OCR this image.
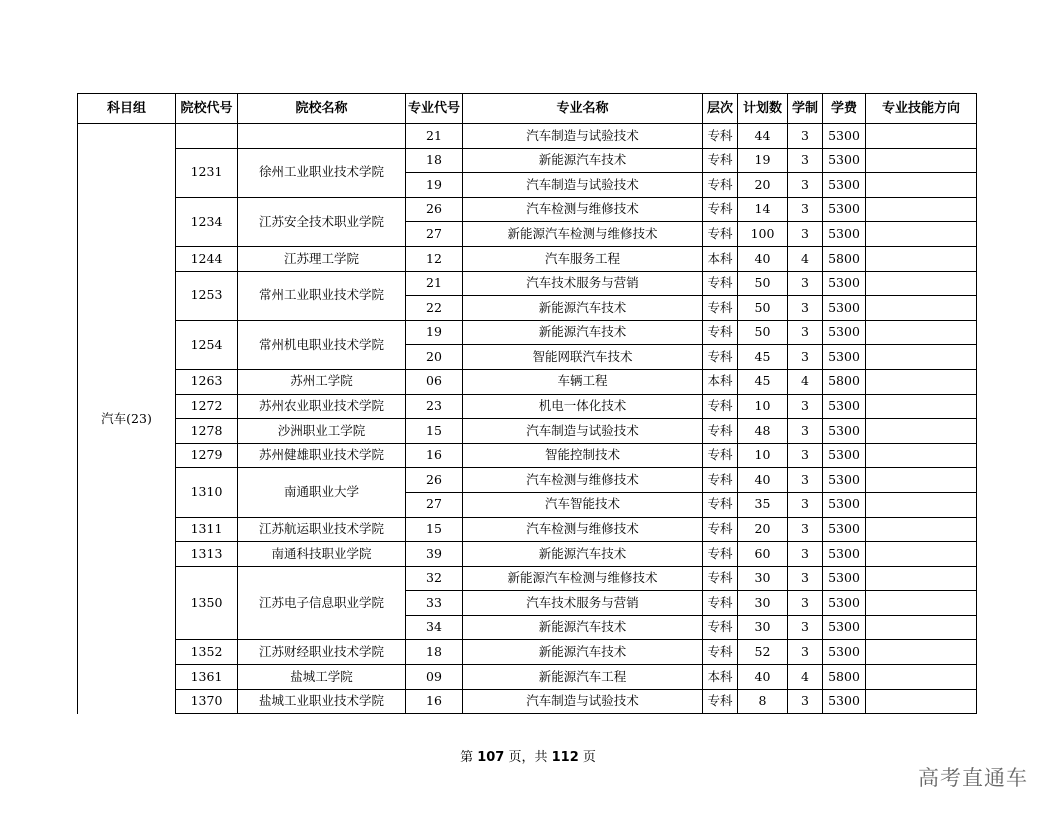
科目组	院校代号	院校名称	专业代号	专业名称	层次	计划数	学制	学费	专业技能方向
汽车(23)			21	汽车制造与试验技术	专科	44	3	5300	
	1231	徐州工业职业技术学院	18	新能源汽车技术	专科	19	3	5300	
			19	汽车制造与试验技术	专科	20	3	5300	
	1234	江苏安全技术职业学院	26	汽车检测与维修技术	专科	14	3	5300	
			27	新能源汽车检测与维修技术	专科	100	3	5300	
	1244	江苏理工学院	12	汽车服务工程	本科	40	4	5800	
	1253	常州工业职业技术学院	21	汽车技术服务与营销	专科	50	3	5300	
			22	新能源汽车技术	专科	50	3	5300	
	1254	常州机电职业技术学院	19	新能源汽车技术	专科	50	3	5300	
			20	智能网联汽车技术	专科	45	3	5300	
	1263	苏州工学院	06	车辆工程	本科	45	4	5800	
	1272	苏州农业职业技术学院	23	机电一体化技术	专科	10	3	5300	
	1278	沙洲职业工学院	15	汽车制造与试验技术	专科	48	3	5300	
	1279	苏州健雄职业技术学院	16	智能控制技术	专科	10	3	5300	
	1310	南通职业大学	26	汽车检测与维修技术	专科	40	3	5300	
			27	汽车智能技术	专科	35	3	5300	
	1311	江苏航运职业技术学院	15	汽车检测与维修技术	专科	20	3	5300	
	1313	南通科技职业学院	39	新能源汽车技术	专科	60	3	5300	
	1350	江苏电子信息职业学院	32	新能源汽车检测与维修技术	专科	30	3	5300	
			33	汽车技术服务与营销	专科	30	3	5300	
			34	新能源汽车技术	专科	30	3	5300	
	1352	江苏财经职业技术学院	18	新能源汽车技术	专科	52	3	5300	
	1361	盐城工学院	09	新能源汽车工程	本科	40	4	5800	
	1370	盐城工业职业技术学院	16	汽车制造与试验技术	专科	8	3	5300	
第 107 页，共 112 页
高考直通车
